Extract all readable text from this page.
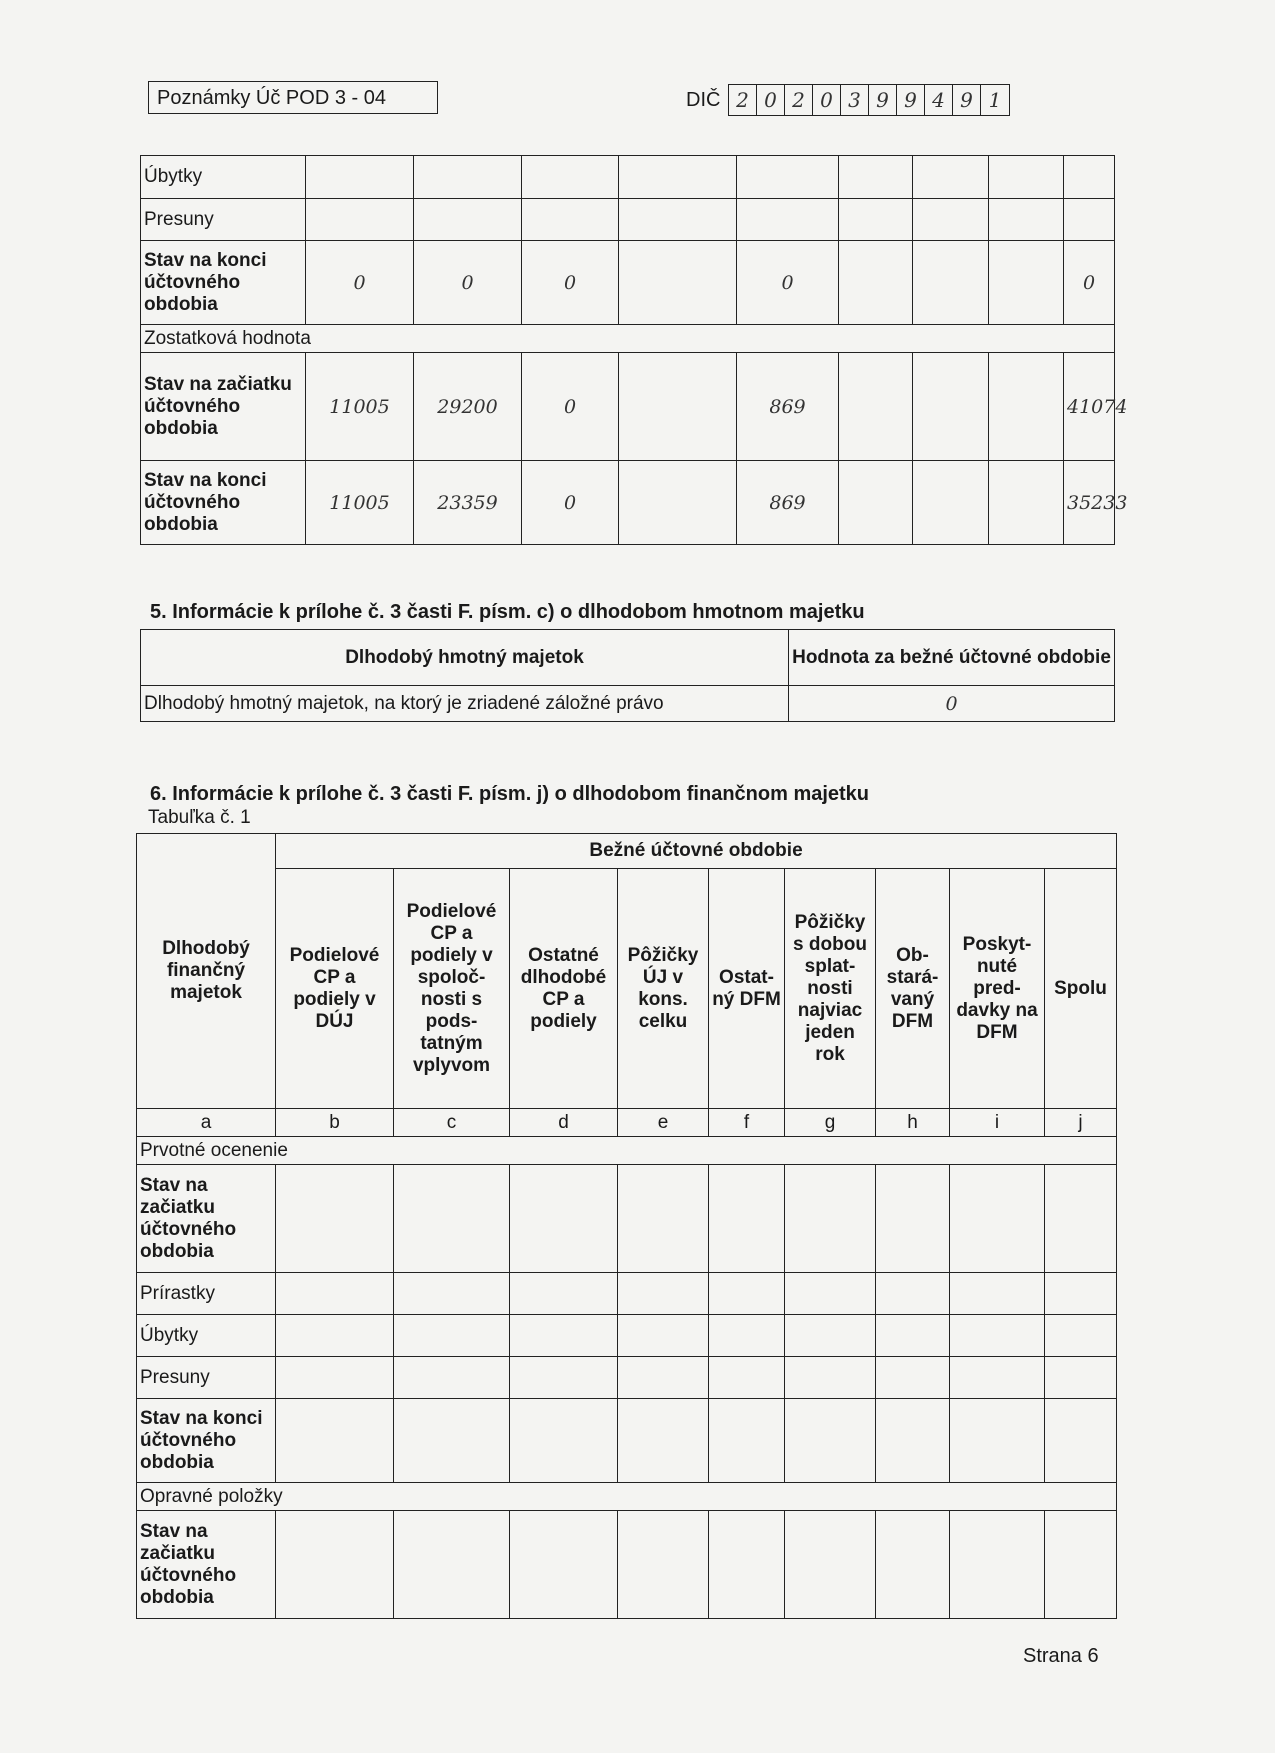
Poznámky Úč POD 3 - 04	DIČ 2 0 2 0 3 9 9 4 9 1
Úbytky									
Presuny									
Stav na konci účtovného obdobia	0	0	0		0				0
Zostatková hodnota									
Stav na začiatku účtovného obdobia	11005	29200	0		869				41074
Stav na konci účtovného obdobia	11005	23359	0		869				35233
5. Informácie k prílohe č. 3 časti F. písm. c) o dlhodobom hmotnom majetku
Dlhodobý hmotný majetok	Hodnota za bežné účtovné obdobie
Dlhodobý hmotný majetok, na ktorý je zriadené záložné právo	0
6. Informácie k prílohe č. 3 časti F. písm. j) o dlhodobom finančnom majetku
Tabuľka č. 1
Dlhodobý finančný majetok	Bežné účtovné obdobie								
	Podielové CP a podiely v DÚJ	Podielové CP a podiely v spoloč- nosti s pods- tatným vplyvom	Ostatné dlhodobé CP a podiely	Pôžičky ÚJ v kons. celku	Ostat- ný DFM	Pôžičky s dobou splat- nosti najviac jeden rok	Ob- stará- vaný DFM	Poskyt- nuté pred- davky na DFM	Spolu
a	b	c	d	e	f	g	h	i	j
Prvotné ocenenie									
Stav na začiatku účtovného obdobia									
Prírastky									
Úbytky									
Presuny									
Stav na konci účtovného obdobia									
Opravné položky									
Stav na začiatku účtovného obdobia									
Strana 6
